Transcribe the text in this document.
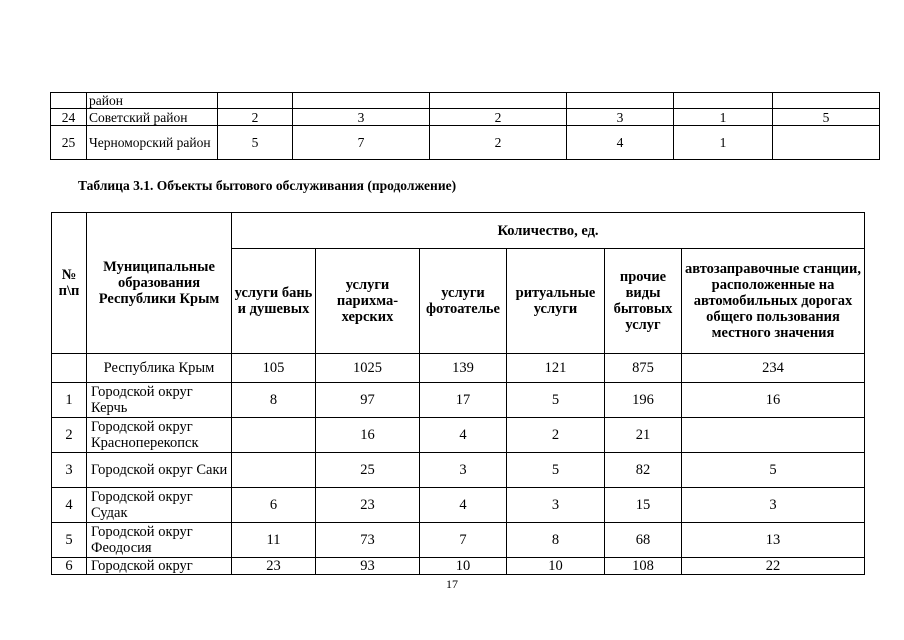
	район						
24	Советский район	2	3	2	3	1	5
25	Черноморский район	5	7	2	4	1	
Таблица 3.1. Объекты бытового обслуживания (продолжение)
№ п\п	Муниципальные образования Республики Крым	Количество, ед.					
		услуги бань и душевых	услуги парихма-херских	услуги фотоателье	ритуальные услуги	прочие виды бытовых услуг	автозаправочные станции, расположенные на автомобильных дорогах общего пользования местного значения
	Республика Крым	105	1025	139	121	875	234
1	Городской округ Керчь	8	97	17	5	196	16
2	Городской округ Красноперекопск		16	4	2	21	
3	Городской округ Саки		25	3	5	82	5
4	Городской округ Судак	6	23	4	3	15	3
5	Городской округ Феодосия	11	73	7	8	68	13
6	Городской округ	23	93	10	10	108	22
17
